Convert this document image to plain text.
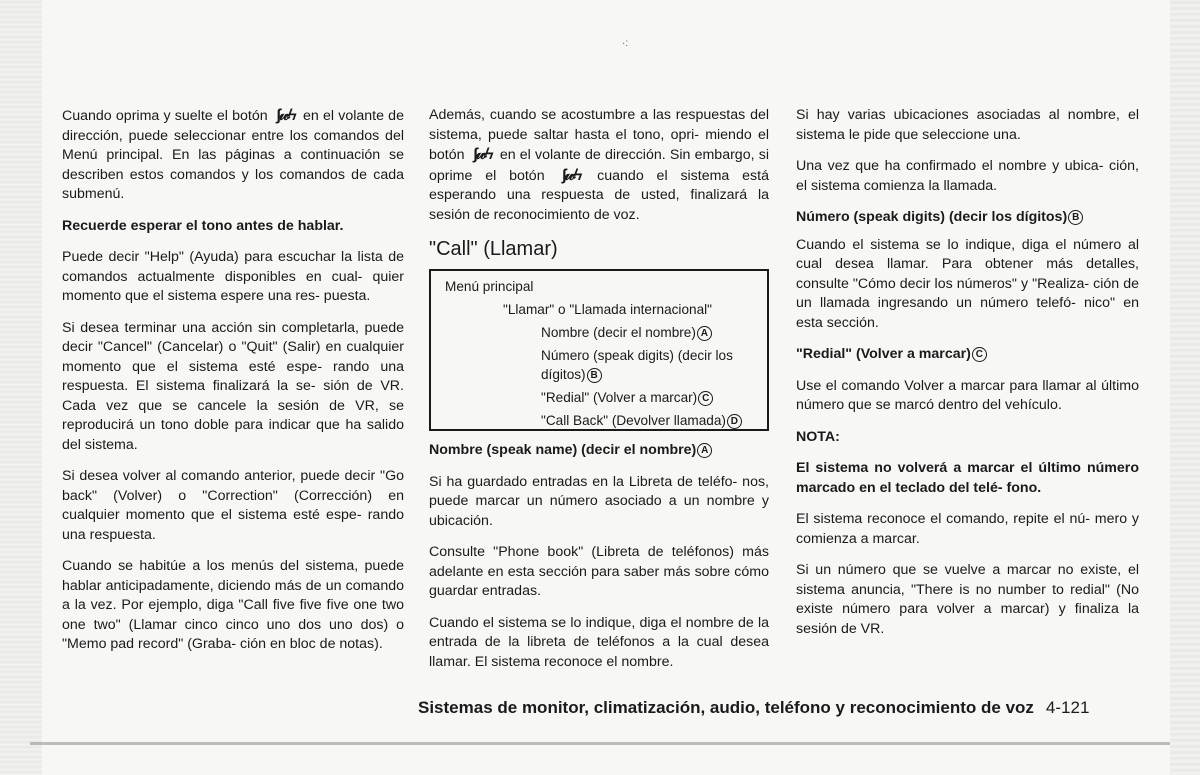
·:

Cuando oprima y suelte el botón ʃ𝓌ϟ en el volante de dirección, puede seleccionar entre los comandos del Menú principal. En las páginas a continuación se describen estos comandos y los comandos de cada submenú.

Recuerde esperar el tono antes de hablar.

Puede decir "Help" (Ayuda) para escuchar la lista de comandos actualmente disponibles en cual- quier momento que el sistema espere una res- puesta.

Si desea terminar una acción sin completarla, puede decir "Cancel" (Cancelar) o "Quit" (Salir) en cualquier momento que el sistema esté espe- rando una respuesta. El sistema finalizará la se- sión de VR. Cada vez que se cancele la sesión de VR, se reproducirá un tono doble para indicar que ha salido del sistema.

Si desea volver al comando anterior, puede decir "Go back" (Volver) o "Correction" (Corrección) en cualquier momento que el sistema esté espe- rando una respuesta.

Cuando se habitúe a los menús del sistema, puede hablar anticipadamente, diciendo más de un comando a la vez. Por ejemplo, diga "Call five five five one two one two" (Llamar cinco cinco uno dos uno dos) o "Memo pad record" (Graba- ción en bloc de notas).

Además, cuando se acostumbre a las respuestas del sistema, puede saltar hasta el tono, opri- miendo el botón ʃ𝓌ϟ en el volante de dirección. Sin embargo, si oprime el botón ʃ𝓌ϟ cuando el sistema está esperando una respuesta de usted, finalizará la sesión de reconocimiento de voz.

"Call" (Llamar)
Menú principal
"Llamar" o "Llamada internacional"
Nombre (decir el nombre) A
Número (speak digits) (decir los dígitos) B
"Redial" (Volver a marcar) C
"Call Back" (Devolver llamada) D

Nombre (speak name) (decir el nombre) A

Si ha guardado entradas en la Libreta de teléfo- nos, puede marcar un número asociado a un nombre y ubicación.

Consulte "Phone book" (Libreta de teléfonos) más adelante en esta sección para saber más sobre cómo guardar entradas.

Cuando el sistema se lo indique, diga el nombre de la entrada de la libreta de teléfonos a la cual desea llamar. El sistema reconoce el nombre.

Si hay varias ubicaciones asociadas al nombre, el sistema le pide que seleccione una.

Una vez que ha confirmado el nombre y ubica- ción, el sistema comienza la llamada.

Número (speak digits) (decir los dígitos) B

Cuando el sistema se lo indique, diga el número al cual desea llamar. Para obtener más detalles, consulte "Cómo decir los números" y "Realiza- ción de un llamada ingresando un número telefó- nico" en esta sección.

"Redial" (Volver a marcar) C

Use el comando Volver a marcar para llamar al último número que se marcó dentro del vehículo.

NOTA:

El sistema no volverá a marcar el último número marcado en el teclado del telé- fono.

El sistema reconoce el comando, repite el nú- mero y comienza a marcar.

Si un número que se vuelve a marcar no existe, el sistema anuncia, "There is no number to redial" (No existe número para volver a marcar) y finaliza la sesión de VR.

Sistemas de monitor, climatización, audio, teléfono y reconocimiento de voz 4-121
